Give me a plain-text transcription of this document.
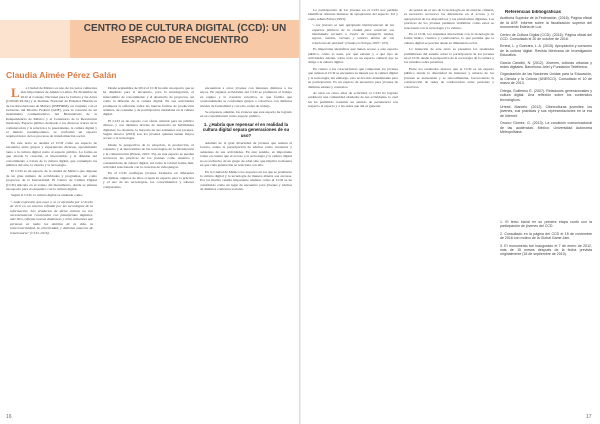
CENTRO DE CULTURA DIGITAL (CCD): UN ESPACIO DE ENCUENTRO
Claudia Aimée Pérez Galán

La Ciudad de México es uno de los polos culturales más importantes de América Latina. En diciembre de 2012 el Consejo Nacional para la Cultura y las Artes (CONACULTA) y el Instituto Nacional de Estudios Históricos de las Revoluciones de México (INEHRM), en conjunto con el Gobierno del Distrito Federal (GDF), para la creación de un monumento conmemorativo del Bicentenario de la Independencia de México y el Centenario de la Revolución mexicana. Espacio público dedicado a los diversos cruces de la comunicación y la relación a lo preexistente, la cultura digital y el mundo contemporáneo, se conformó un espacio arquitectónico de los procesos de transformación social.

En este texto se analiza el CCD como un espacio de encuentro entre grupos y experiencias diversas, aproximando tanto a la cultura digital como al espacio público. La forma en que aborda la creación, el intercambio y la difusión del conocimiento a través de la cultura digital, que contempla los ámbitos del arte, la ciencia y la tecnología.

El CCD es un espacio de la ciudad de México que dispone de un gran número de actividades y programas, así como proyectos de la Universidad. El Centro de Cultura Digital (CCD) ubicado en el sótano del monumento, donde se plantea un espacio para el encuentro con la cultura digital.

Según el CCD, la cultura digital se entiende como:

"...toda expresión que nace o se ve afectada por el hecho de vivir en un entorno influido por las tecnologías de la información. Los productos de dicha cultura no son necesariamente construidos con plataformas digitales, más bien, reflejan nuevas dinámicas y retos culturales que permean en todos los ámbitos de la vida, la interconectividad, la colectividad, y distintas maneras de relacionarse" (CCD, 2016).

Desde septiembre de 2012 el CCD ha sido un espacio que se ha diseñado para el encuentro, para la investigación, el intercambio de conocimiento y el desarrollo de proyectos, así como la difusión de la cultura digital. En sus actividades promueve la reflexión sobre las nuevas formas de producción artística, de consumo y de participación ciudadana en la cultura digital.

El CCD es un espacio con oferta cultural para un público diverso y con distintos niveles de desarrollo en habilidades digitales; no obstante, la mayoría de sus asistentes son jóvenes. Según Orozco (2013) son los jóvenes quienes tienen mayor acceso a la tecnología.

Desde la perspectiva de la adopción, la producción, el consumo y el intercambio de las tecnologías de la información y la comunicación (Ernest, 2015: 35), en este espacio se pueden reconocer las prácticas de los jóvenes como usuarios y consumidores de cultura digital, así como la Global Game Jam, actividad relacionada con la creación de videojuegos.

En el CCD confluyen jóvenes formados en diferentes disciplinas, algunos de ellos ocupan su espacio para la práctica y el uso de las tecnologías, los conocimientos y saberes compartidos.

encuentran a otros jóvenes con intereses distintos a los suyos. En algunas actividades del CCD se promueve el trabajo en equipo y la creación colectiva, lo que facilita que ocasionalmente se conformen grupos o colectivos con distintos niveles de formalidad y con ello, redes de trabajo.

Se exponen, además, los avances que este espacio ha logrado en su consolidación como espacio público.

1. ¿Habría que repensar el en realidad la cultura digital separa generaciones de su uso?

Además de la gran diversidad de jóvenes que asisten al Centro, existe la participación de adultos como creadores y asistentes de sus actividades. En este sentido, es importante tomar en cuenta que el acceso a la tecnología y la cultura digital no es exclusivo de un grupo de edad sino que implica la manera en que cada generación se relaciona con ella.

En la Ciudad de México los espacios en los que se promueve la cultura digital y la tecnología de manera abierta son escasos. Por tal motivo resulta importante analizar cómo el CCD se ha constituido como un lugar de encuentro para jóvenes y adultos de distintos contextos sociales.

16

La participación de los jóvenes en el CCD nos permite identificar diversas maneras de apropiación del espacio. Tal y como señala Fabre (1993):

"...los jóvenes se han apropiado históricamente de los espacios públicos de la ciudad para construir sus identidades sociales a través de compartir modas, signos, música, normas y valores dentro de sus relaciones de amistad" (citado en Ortega, 2007: 103).

Es importante identificar qué tienen acceso a este espacio público, cómo lo usan, por qué existen y a qué tipo de actividades asisten, sobre todo en un espacio cultural que se dirige a la cultura digital.

En cuanto a las características que comparten los jóvenes que asisten al CCD se encuentra su interés por la cultura digital y la tecnología; sin embargo, esto no ha sido determinante para su participación. Es un espacio de encuentro para jóvenes de distintas edades y contextos.

Al estar en cinco años de actividad, el CCD ha logrado establecer una comunidad alrededor de sus actividades, lo cual les ha permitido construir un sentido de pertenencia con respecto al espacio y a las redes que ahí se generan.

Al pensar en el uso de la tecnología en un entorno cultural, es necesario reconocer las diferencias en el acceso y la apropiación de los dispositivos y las plataformas digitales. Las prácticas de los jóvenes permiten visibilizar cómo estos se relacionan con la tecnología y la cultura.

En el CCD, los asistentes interactúan con la tecnología de forma lúdica, creativa y colaborativa, lo que permite que la cultura digital se perciba desde su dimensión social.

La intención de este texto es presentar los resultados preliminares del estudio sobre la participación de los jóvenes en el CCD, desde la perspectiva de la sociología de la cultura y los estudios sobre juventud.

Entre los resultados destaca que el CCD es un espacio público donde la diversidad de intereses y saberes de los jóvenes se encuentran y se retroalimentan, favoreciendo la construcción de redes de colaboración entre personas y colectivos.

Referencias bibliográficas

Auditoría Superior de la Federación. (2016). Página oficial de la ASF. Informe sobre la fiscalización superior del monumento Estela de Luz.

Centro de Cultura Digital (CCD). (2016). Página oficial del CCD. Consultado el 20 de octubre de 2016.

Ernest, L. y Guevara, L. A. (2015). Apropiación y consumo de la cultura digital. Revista Mexicana de Investigación Educativa.

García Canclini, N. (2012). Jóvenes, culturas urbanas y redes digitales. Barcelona: Ariel y Fundación Telefónica.

Organización de las Naciones Unidas para la Educación, la Ciencia y la Cultura (UNESCO). Consultado el 10 de marzo de 2013.

Ortega, Guillermo E. (2007). Relaciones generacionales y cultura digital. Una reflexión sobre los contenidos tecnológicos.

Urresti, Marcelo. (2012). Ciberculturas juveniles: los jóvenes, sus prácticas y sus representaciones en la era de Internet.

Orozco Gómez, G. (2013). La condición comunicacional de las audiencias. México: Universidad Autónoma Metropolitana.

1. El texto inicial en su primera etapa contó con la participación de jóvenes del CCD.

2. Consultado en la página del CCD el 15 de noviembre de 2016 con motivo de la Global Game Jam.

3. El monumento fue inaugurado el 7 de enero de 2012, más de 15 meses después de la fecha prevista originalmente (15 de septiembre de 2010).

17
